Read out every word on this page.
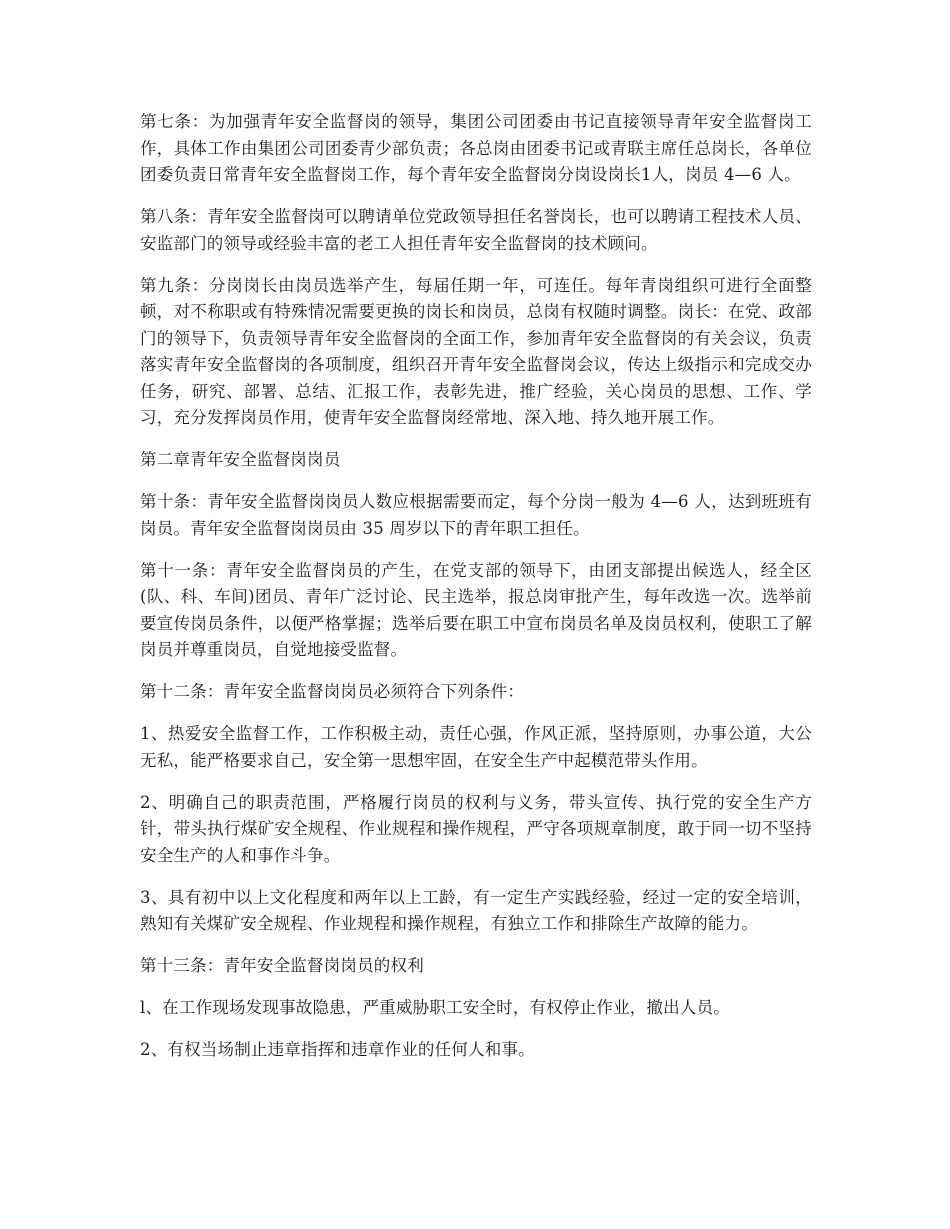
第七条：为加强青年安全监督岗的领导，集团公司团委由书记直接领导青年安全监督岗工作，具体工作由集团公司团委青少部负责；各总岗由团委书记或青联主席任总岗长，各单位团委负责日常青年安全监督岗工作，每个青年安全监督岗分岗设岗长1人，岗员 4—6 人。

第八条：青年安全监督岗可以聘请单位党政领导担任名誉岗长，也可以聘请工程技术人员、安监部门的领导或经验丰富的老工人担任青年安全监督岗的技术顾问。

第九条：分岗岗长由岗员选举产生，每届任期一年，可连任。每年青岗组织可进行全面整顿，对不称职或有特殊情况需要更换的岗长和岗员，总岗有权随时调整。岗长：在党、政部门的领导下，负责领导青年安全监督岗的全面工作，参加青年安全监督岗的有关会议，负责落实青年安全监督岗的各项制度，组织召开青年安全监督岗会议，传达上级指示和完成交办任务，研究、部署、总结、汇报工作，表彰先进，推广经验，关心岗员的思想、工作、学习，充分发挥岗员作用，使青年安全监督岗经常地、深入地、持久地开展工作。

第二章青年安全监督岗岗员

第十条：青年安全监督岗岗员人数应根据需要而定，每个分岗一般为 4—6 人，达到班班有岗员。青年安全监督岗岗员由 35 周岁以下的青年职工担任。

第十一条：青年安全监督岗员的产生，在党支部的领导下，由团支部提出候选人，经全区(队、科、车间)团员、青年广泛讨论、民主选举，报总岗审批产生，每年改选一次。选举前要宣传岗员条件，以便严格掌握；选举后要在职工中宣布岗员名单及岗员权利，使职工了解岗员并尊重岗员，自觉地接受监督。

第十二条：青年安全监督岗岗员必须符合下列条件：

1、热爱安全监督工作，工作积极主动，责任心强，作风正派，坚持原则，办事公道，大公无私，能严格要求自己，安全第一思想牢固，在安全生产中起模范带头作用。

2、明确自己的职责范围，严格履行岗员的权利与义务，带头宣传、执行党的安全生产方针，带头执行煤矿安全规程、作业规程和操作规程，严守各项规章制度，敢于同一切不坚持安全生产的人和事作斗争。

3、具有初中以上文化程度和两年以上工龄，有一定生产实践经验，经过一定的安全培训，熟知有关煤矿安全规程、作业规程和操作规程，有独立工作和排除生产故障的能力。

第十三条：青年安全监督岗岗员的权利

l、在工作现场发现事故隐患，严重威胁职工安全时，有权停止作业，撤出人员。

2、有权当场制止违章指挥和违章作业的任何人和事。
